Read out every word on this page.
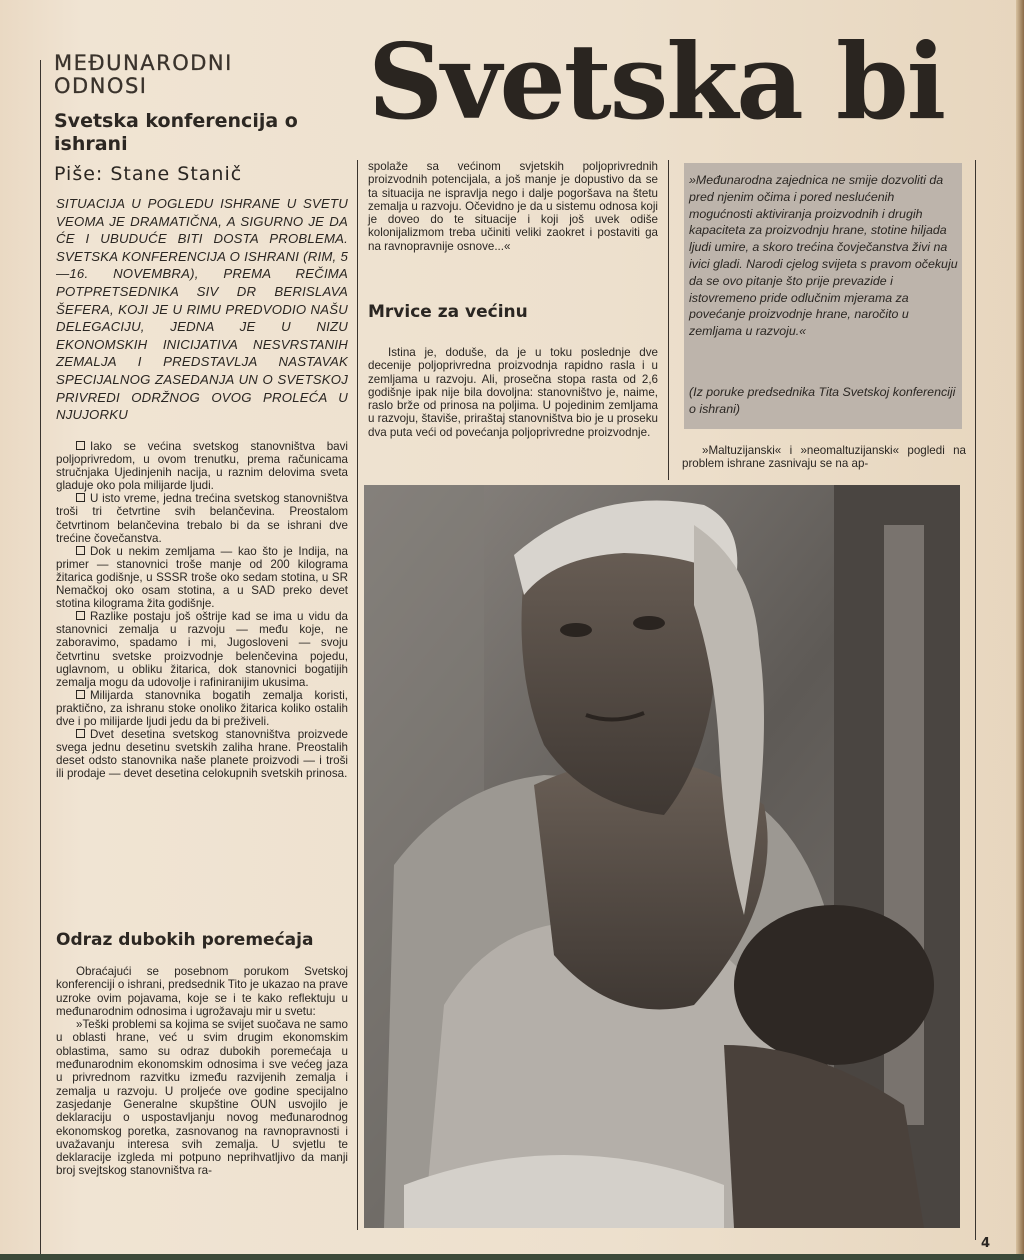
MEĐUNARODNI ODNOSI
Svetska konferencija o ishrani
Piše: Stane Stanič
SITUACIJA U POGLEDU ISHRANE U SVETU VEOMA JE DRAMATIČNA, A SIGURNO JE DA ĆE I UBUDUĆE BITI DOSTA PROBLEMA. SVETSKA KONFERENCIJA O ISHRANI (RIM, 5—16. NOVEMBRA), PREMA REČIMA POTPRETSEDNIKA SIV DR BERISLAVA ŠEFERA, KOJI JE U RIMU PREDVODIO NAŠU DELEGACIJU, JEDNA JE U NIZU EKONOMSKIH INICIJATIVA NESVRSTANIH ZEMALJA I PREDSTAVLJA NASTAVAK SPECIJALNOG ZASEDANJA UN O SVETSKOJ PRIVREDI ODRŽNOG OVOG PROLEĆA U NJUJORKU

Iako se većina svetskog stanovništva bavi poljoprivredom, u ovom trenutku, prema računicama stručnjaka Ujedinjenih nacija, u raznim delovima sveta gladuje oko pola milijarde ljudi.

U isto vreme, jedna trećina svetskog stanovništva troši tri četvrtine svih belančevina. Preostalom četvrtinom belančevina trebalo bi da se ishrani dve trećine čovečanstva.

Dok u nekim zemljama — kao što je Indija, na primer — stanovnici troše manje od 200 kilograma žitarica godišnje, u SSSR troše oko sedam stotina, u SR Nemačkoj oko osam stotina, a u SAD preko devet stotina kilograma žita godišnje.

Razlike postaju još oštrije kad se ima u vidu da stanovnici zemalja u razvoju — među koje, ne zaboravimo, spadamo i mi, Jugosloveni — svoju četvrtinu svetske proizvodnje belenčevina pojedu, uglavnom, u obliku žitarica, dok stanovnici bogatijih zemalja mogu da udovolje i rafiniranijim ukusima.

Milijarda stanovnika bogatih zemalja koristi, praktično, za ishranu stoke onoliko žitarica koliko ostalih dve i po milijarde ljudi jedu da bi preživeli.

Dvet desetina svetskog stanovništva proizvede svega jednu desetinu svetskih zaliha hrane. Preostalih deset odsto stanovnika naše planete proizvodi — i troši ili prodaje — devet desetina celokupnih svetskih prinosa.

Odraz dubokih poremećaja

Obraćajući se posebnom porukom Svetskoj konferenciji o ishrani, predsednik Tito je ukazao na prave uzroke ovim pojavama, koje se i te kako reflektuju u međunarodnim odnosima i ugrožavaju mir u svetu:

»Teški problemi sa kojima se svijet suočava ne samo u oblasti hrane, već u svim drugim ekonomskim oblastima, samo su odraz dubokih poremećaja u međunarodnim ekonomskim odnosima i sve većeg jaza u privrednom razvitku između razvijenih zemalja i zemalja u razvoju. U proljeće ove godine specijalno zasjedanje Generalne skupštine OUN usvojilo je deklaraciju o uspostavljanju novog međunarodnog ekonomskog poretka, zasnovanog na ravnopravnosti i uvažavanju interesa svih zemalja. U svjetlu te deklaracije izgleda mi potpuno neprihvatljivo da manji broj svejtskog stanovništva ra-

Svetska bi
spolaže sa većinom svjetskih poljoprivrednih proizvodnih potencijala, a još manje je dopustivo da se ta situacija ne ispravlja nego i dalje pogoršava na štetu zemalja u razvoju. Očevidno je da u sistemu odnosa koji je doveo do te situacije i koji još uvek odiše kolonijalizmom treba učiniti veliki zaokret i postaviti ga na ravnopravnije osnove...«
Mrvice za većinu

Istina je, doduše, da je u toku poslednje dve decenije poljoprivredna proizvodnja rapidno rasla i u zemljama u razvoju. Ali, prosečna stopa rasta od 2,6 godišnje ipak nije bila dovoljna: stanovništvo je, naime, raslo brže od prinosa na poljima. U pojedinim zemljama u razvoju, štaviše, priraštaj stanovništva bio je u proseku dva puta veći od povećanja poljoprivredne proizvodnje.

»Međunarodna zajednica ne smije dozvoliti da pred njenim očima i pored neslućenih mogućnosti aktiviranja proizvodnih i drugih kapaciteta za proizvodnju hrane, stotine hiljada ljudi umire, a skoro trećina čovječanstva živi na ivici gladi. Narodi cjelog svijeta s pravom očekuju da se ovo pitanje što prije prevazide i istovremeno pride odlučnim mjerama za povećanje proizvodnje hrane, naročito u zemljama u razvoju.«
(Iz poruke predsednika Tita Svetskoj konferenciji o ishrani)

»Maltuzijanski« i »neomaltuzijanski« pogledi na problem ishrane zasnivaju se na ap-

4
